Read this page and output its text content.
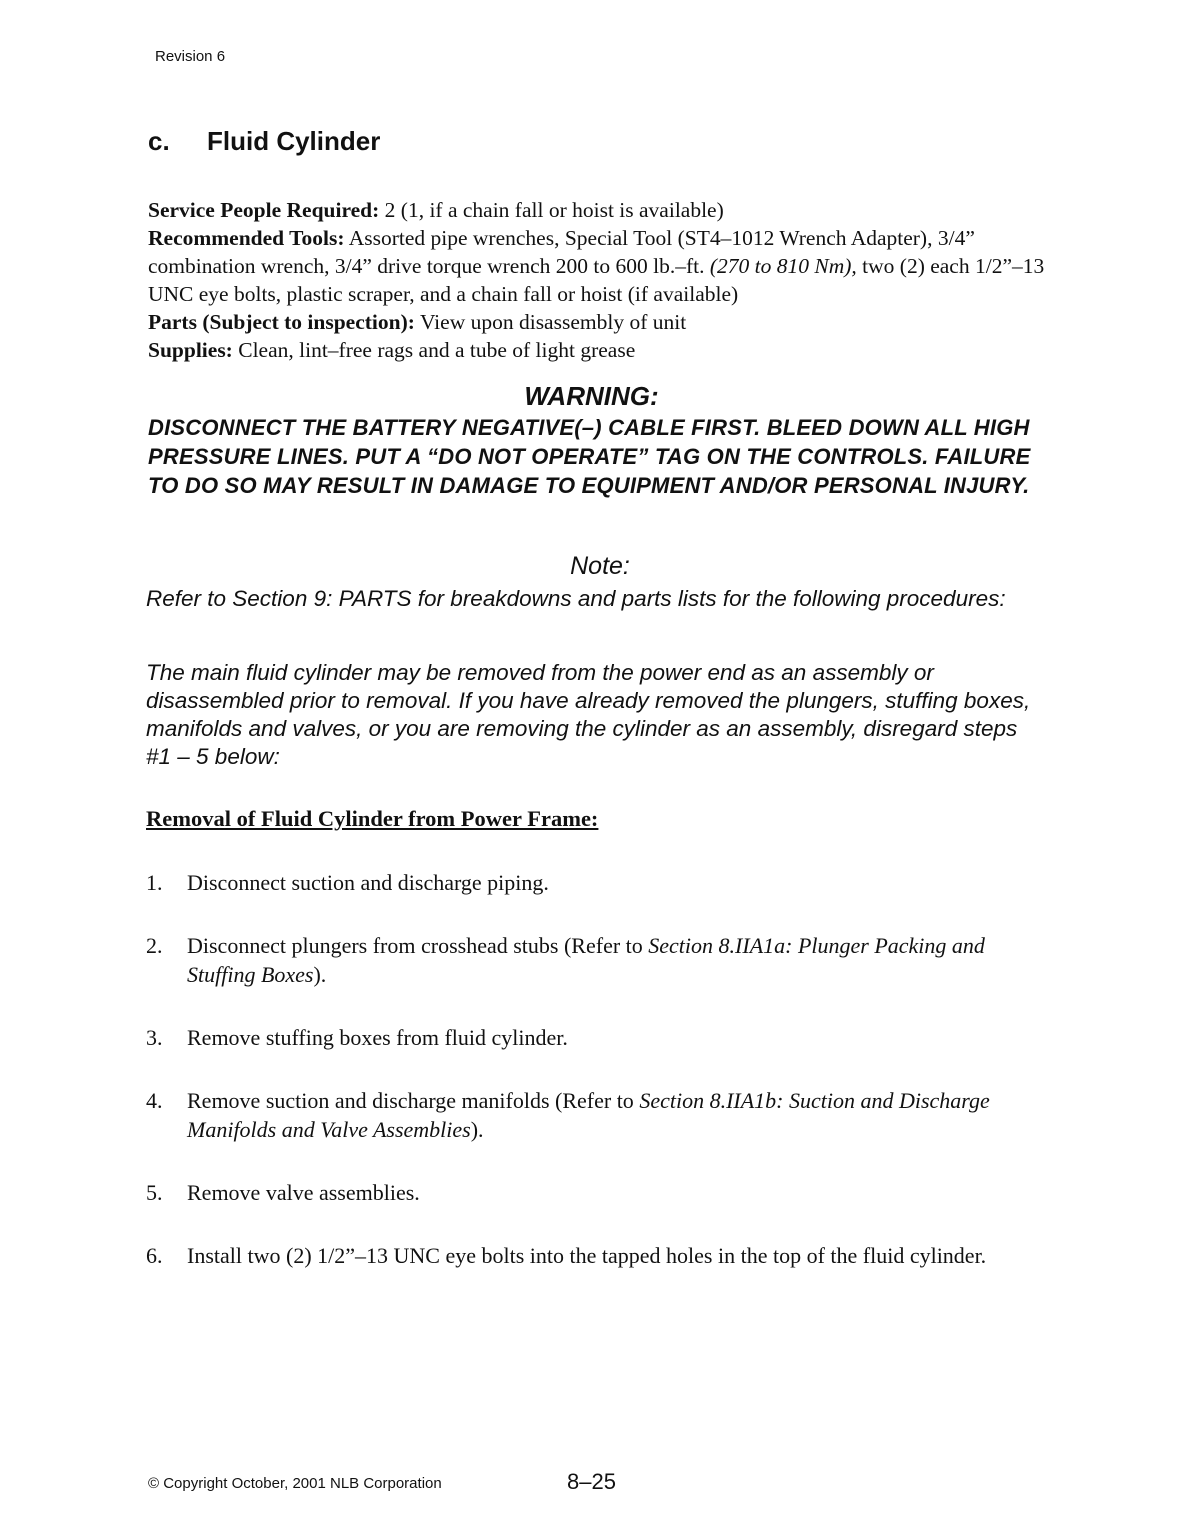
Revision 6
c. Fluid Cylinder

Service People Required: 2 (1, if a chain fall or hoist is available)

Recommended Tools: Assorted pipe wrenches, Special Tool (ST4–1012 Wrench Adapter), 3/4” combination wrench, 3/4” drive torque wrench 200 to 600 lb.–ft. (270 to 810 Nm), two (2) each 1/2”–13 UNC eye bolts, plastic scraper, and a chain fall or hoist (if available)

Parts (Subject to inspection): View upon disassembly of unit

Supplies: Clean, lint–free rags and a tube of light grease

WARNING:
DISCONNECT THE BATTERY NEGATIVE(–) CABLE FIRST. BLEED DOWN ALL HIGH PRESSURE LINES. PUT A “DO NOT OPERATE” TAG ON THE CONTROLS. FAILURE TO DO SO MAY RESULT IN DAMAGE TO EQUIPMENT AND/OR PERSONAL INJURY.
Note:

Refer to Section 9: PARTS for breakdowns and parts lists for the following procedures:

The main fluid cylinder may be removed from the power end as an assembly or disassembled prior to removal. If you have already removed the plungers, stuffing boxes, manifolds and valves, or you are removing the cylinder as an assembly, disregard steps #1 – 5 below:

Removal of Fluid Cylinder from Power Frame:
1. Disconnect suction and discharge piping.
2. Disconnect plungers from crosshead stubs (Refer to Section 8.IIA1a: Plunger Packing and Stuffing Boxes).
3. Remove stuffing boxes from fluid cylinder.
4. Remove suction and discharge manifolds (Refer to Section 8.IIA1b: Suction and Discharge Manifolds and Valve Assemblies).
5. Remove valve assemblies.
6. Install two (2) 1/2”–13 UNC eye bolts into the tapped holes in the top of the fluid cylinder.
© Copyright October, 2001 NLB Corporation	8–25
